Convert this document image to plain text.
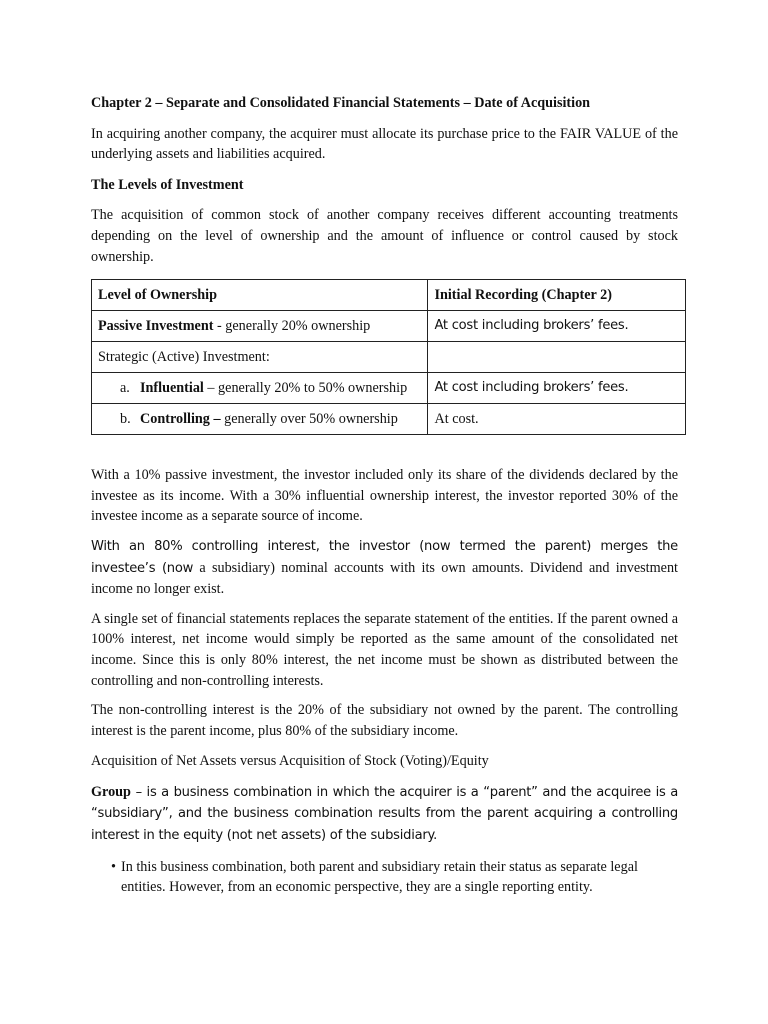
Chapter 2 – Separate and Consolidated Financial Statements – Date of Acquisition

In acquiring another company, the acquirer must allocate its purchase price to the FAIR VALUE of the underlying assets and liabilities acquired.

The Levels of Investment

The acquisition of common stock of another company receives different accounting treatments depending on the level of ownership and the amount of influence or control caused by stock ownership.

Level of Ownership	Initial Recording (Chapter 2)
Passive Investment - generally 20% ownership	At cost including brokers’ fees.
Strategic (Active) Investment:	

a. Influential – generally 20% to 50% ownership	At cost including brokers’ fees.

b. Controlling – generally over 50% ownership	At cost.

With a 10% passive investment, the investor included only its share of the dividends declared by the investee as its income. With a 30% influential ownership interest, the investor reported 30% of the investee income as a separate source of income.

With an 80% controlling interest, the investor (now termed the parent) merges the investee’s (now a subsidiary) nominal accounts with its own amounts. Dividend and investment income no longer exist.

A single set of financial statements replaces the separate statement of the entities. If the parent owned a 100% interest, net income would simply be reported as the same amount of the consolidated net income. Since this is only 80% interest, the net income must be shown as distributed between the controlling and non-controlling interests.

The non-controlling interest is the 20% of the subsidiary not owned by the parent. The controlling interest is the parent income, plus 80% of the subsidiary income.

Acquisition of Net Assets versus Acquisition of Stock (Voting)/Equity

Group – is a business combination in which the acquirer is a “parent” and the acquiree is a “subsidiary”, and the business combination results from the parent acquiring a controlling interest in the equity (not net assets) of the subsidiary.

• In this business combination, both parent and subsidiary retain their status as separate legal entities. However, from an economic perspective, they are a single reporting entity.
